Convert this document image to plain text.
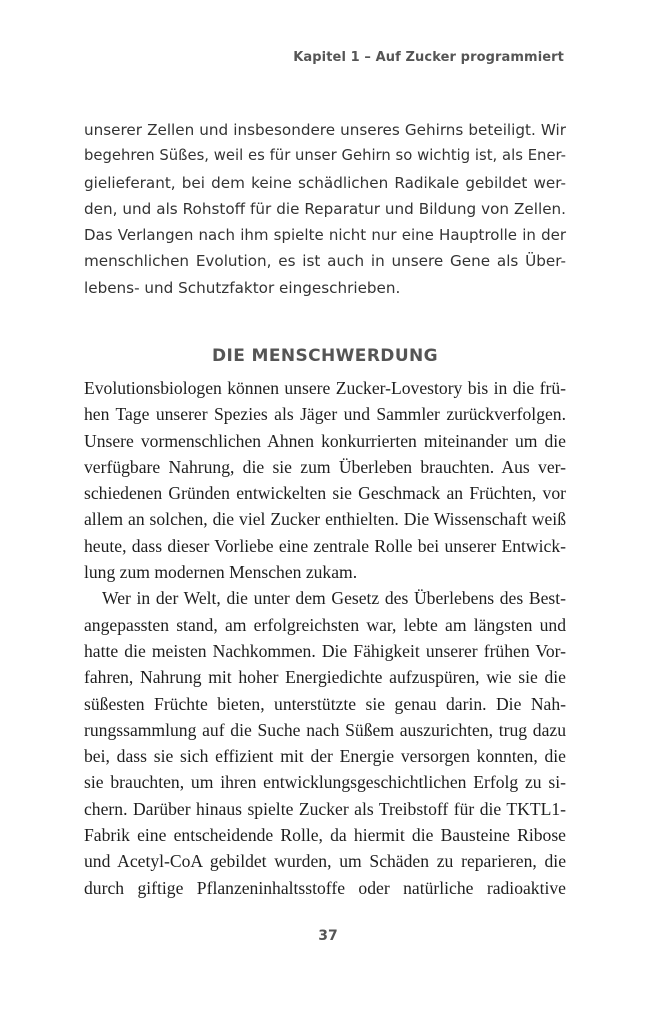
Kapitel 1 – Auf Zucker programmiert
unserer Zellen und insbesondere unseres Gehirns beteiligt. Wir
begehren Süßes, weil es für unser Gehirn so wichtig ist, als Ener-
gielieferant, bei dem keine schädlichen Radikale gebildet wer-
den, und als Rohstoff für die Reparatur und Bildung von Zellen.
Das Verlangen nach ihm spielte nicht nur eine Hauptrolle in der
menschlichen Evolution, es ist auch in unsere Gene als Über-
lebens- und Schutzfaktor eingeschrieben.
DIE MENSCHWERDUNG
Evolutionsbiologen können unsere Zucker-Lovestory bis in die frü-
hen Tage unserer Spezies als Jäger und Sammler zurückverfolgen.
Unsere vormenschlichen Ahnen konkurrierten miteinander um die
verfügbare Nahrung, die sie zum Überleben brauchten. Aus ver-
schiedenen Gründen entwickelten sie Geschmack an Früchten, vor
allem an solchen, die viel Zucker enthielten. Die Wissenschaft weiß
heute, dass dieser Vorliebe eine zentrale Rolle bei unserer Entwick-
lung zum modernen Menschen zukam.
Wer in der Welt, die unter dem Gesetz des Überlebens des Best-
angepassten stand, am erfolgreichsten war, lebte am längsten und
hatte die meisten Nachkommen. Die Fähigkeit unserer frühen Vor-
fahren, Nahrung mit hoher Energiedichte aufzuspüren, wie sie die
süßesten Früchte bieten, unterstützte sie genau darin. Die Nah-
rungssammlung auf die Suche nach Süßem auszurichten, trug dazu
bei, dass sie sich effizient mit der Energie versorgen konnten, die
sie brauchten, um ihren entwicklungsgeschichtlichen Erfolg zu si-
chern. Darüber hinaus spielte Zucker als Treibstoff für die TKTL1-
Fabrik eine entscheidende Rolle, da hiermit die Bausteine Ribose
und Acetyl-CoA gebildet wurden, um Schäden zu reparieren, die
durch giftige Pflanzeninhaltsstoffe oder natürliche radioaktive
37
